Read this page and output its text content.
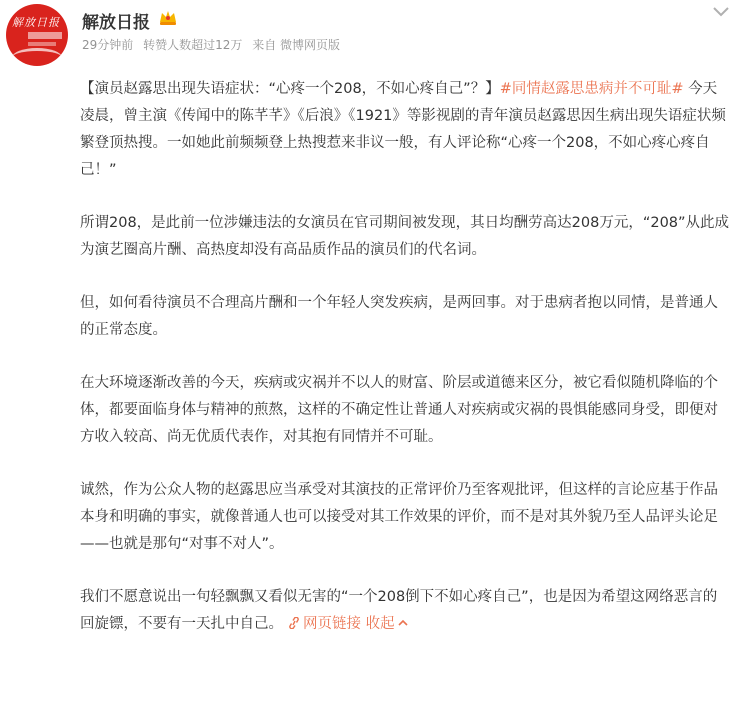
解放日报 解放日报
29分钟前 转赞人数超过12万 来自 微博网页版

【演员赵露思出现失语症状：“心疼一个208，不如心疼自己”？】#同情赵露思患病并不可耻# 今天凌晨，曾主演《传闻中的陈芊芊》《后浪》《1921》等影视剧的青年演员赵露思因生病出现失语症状频繁登顶热搜。一如她此前频频登上热搜惹来非议一般，有人评论称“心疼一个208，不如心疼心疼自己！”

所谓208，是此前一位涉嫌违法的女演员在官司期间被发现，其日均酬劳高达208万元，“208”从此成为演艺圈高片酬、高热度却没有高品质作品的演员们的代名词。

但，如何看待演员不合理高片酬和一个年轻人突发疾病，是两回事。对于患病者抱以同情，是普通人的正常态度。

在大环境逐渐改善的今天，疾病或灾祸并不以人的财富、阶层或道德来区分，被它看似随机降临的个体，都要面临身体与精神的煎熬，这样的不确定性让普通人对疾病或灾祸的畏惧能感同身受，即便对方收入较高、尚无优质代表作，对其抱有同情并不可耻。

诚然，作为公众人物的赵露思应当承受对其演技的正常评价乃至客观批评，但这样的言论应基于作品本身和明确的事实，就像普通人也可以接受对其工作效果的评价，而不是对其外貌乃至人品评头论足——也就是那句“对事不对人”。

我们不愿意说出一句轻飘飘又看似无害的“一个208倒下不如心疼自己”，也是因为希望这网络恶言的回旋镖，不要有一天扎中自己。 网页链接 收起
